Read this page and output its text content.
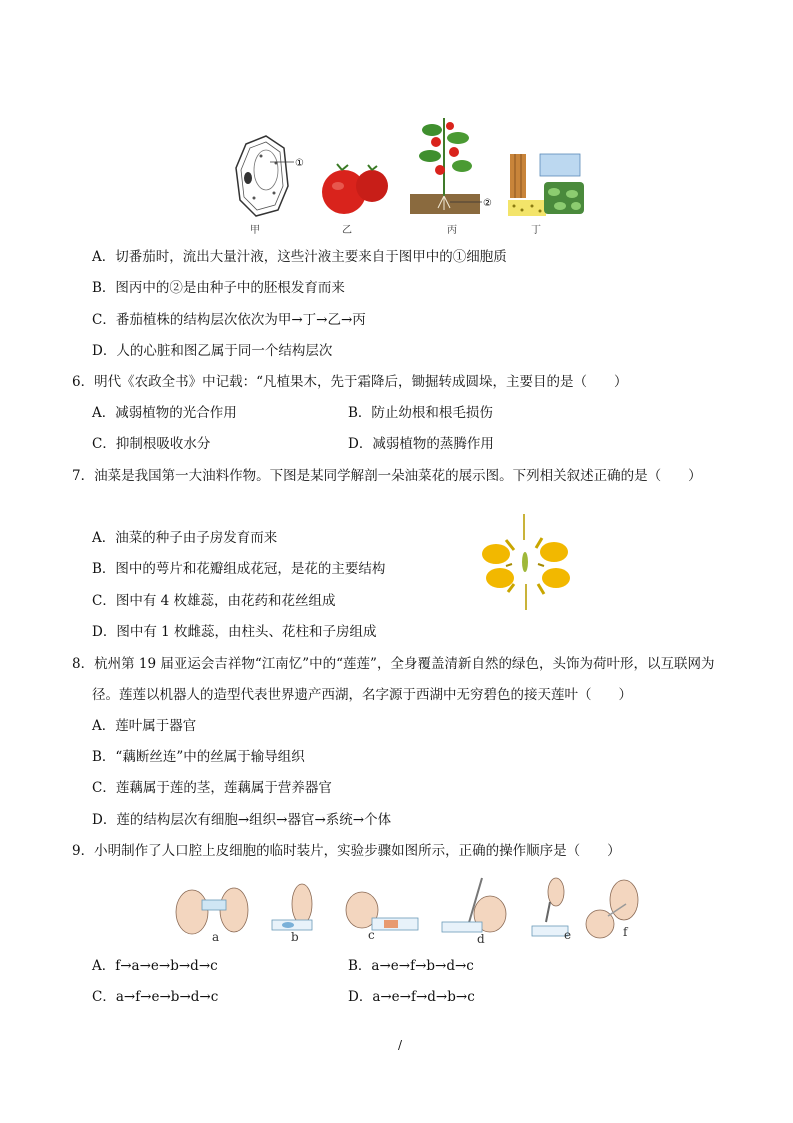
①
②
甲	乙	丙	丁
A．切番茄时，流出大量汁液，这些汁液主要来自于图甲中的①细胞质
B．图丙中的②是由种子中的胚根发育而来
C．番茄植株的结构层次依次为甲→丁→乙→丙
D．人的心脏和图乙属于同一个结构层次
6．明代《农政全书》中记载：“凡植果木，先于霜降后，锄掘转成圆垛，主要目的是（　　）
A．减弱植物的光合作用	B．防止幼根和根毛损伤
C．抑制根吸收水分	D．减弱植物的蒸腾作用
7．油菜是我国第一大油料作物。下图是某同学解剖一朵油菜花的展示图。下列相关叙述正确的是（　　）
A．油菜的种子由子房发育而来
B．图中的萼片和花瓣组成花冠，是花的主要结构
C．图中有 4 枚雄蕊，由花药和花丝组成
D．图中有 1 枚雌蕊，由柱头、花柱和子房组成
8．杭州第 19 届亚运会吉祥物“江南忆”中的“莲莲”，全身覆盖清新自然的绿色，头饰为荷叶形，以互联网为
径。莲莲以机器人的造型代表世界遗产西湖，名字源于西湖中无穷碧色的接天莲叶（　　）
A．莲叶属于器官
B．“藕断丝连”中的丝属于输导组织
C．莲藕属于莲的茎，莲藕属于营养器官
D．莲的结构层次有细胞→组织→器官→系统→个体
9．小明制作了人口腔上皮细胞的临时装片，实验步骤如图所示，正确的操作顺序是（　　）
a	b	c	d	e	f
A．f→a→e→b→d→c	B．a→e→f→b→d→c
C．a→f→e→b→d→c	D．a→e→f→d→b→c
/
